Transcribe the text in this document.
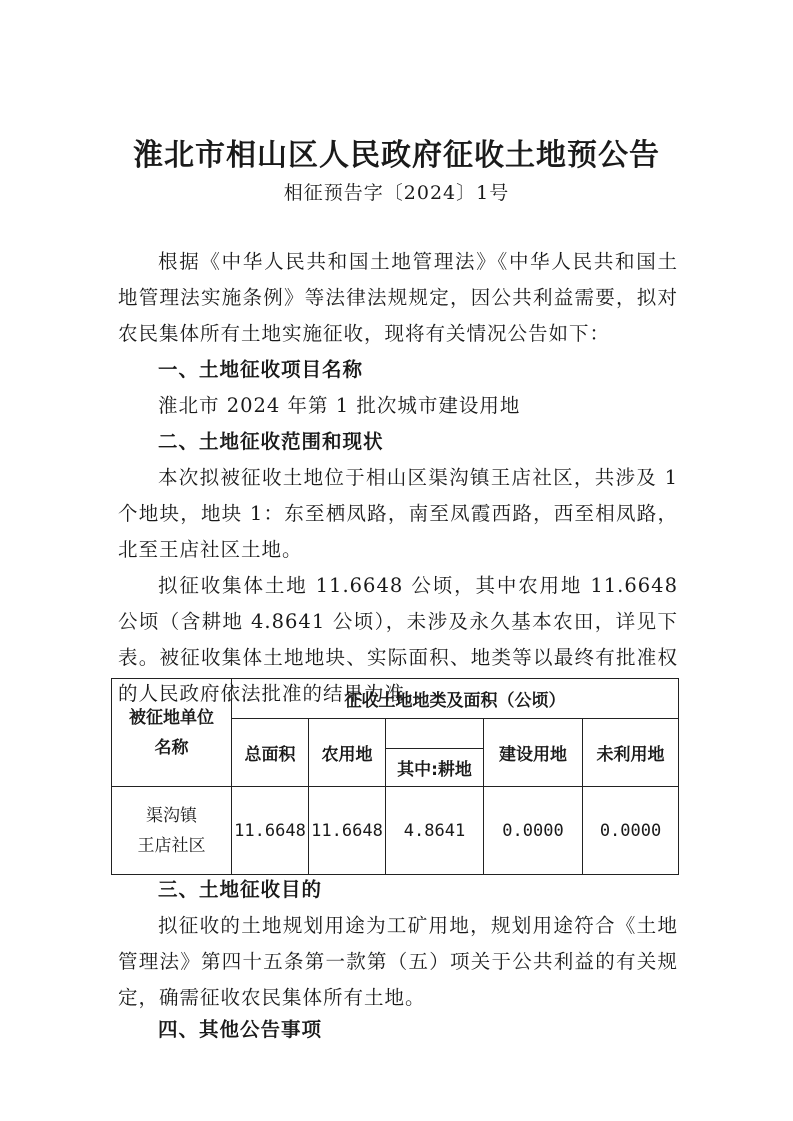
淮北市相山区人民政府征收土地预公告
相征预告字〔2024〕1号
根据《中华人民共和国土地管理法》《中华人民共和国土地管理法实施条例》等法律法规规定，因公共利益需要，拟对农民集体所有土地实施征收，现将有关情况公告如下：
一、土地征收项目名称
淮北市 2024 年第 1 批次城市建设用地
二、土地征收范围和现状
本次拟被征收土地位于相山区渠沟镇王店社区，共涉及 1 个地块，地块 1：东至栖凤路，南至凤霞西路，西至相凤路，北至王店社区土地。
拟征收集体土地 11.6648 公顷，其中农用地 11.6648 公顷（含耕地 4.8641 公顷），未涉及永久基本农田，详见下表。被征收集体土地地块、实际面积、地类等以最终有批准权的人民政府依法批准的结果为准。
被征地单位
名称	征收土地地类及面积（公顷）				
	总面积	农用地		建设用地	未利用地
			其中:耕地		

渠沟镇
王店社区	11.6648	11.6648	4.8641	0.0000	0.0000
三、土地征收目的
拟征收的土地规划用途为工矿用地，规划用途符合《土地管理法》第四十五条第一款第（五）项关于公共利益的有关规定，确需征收农民集体所有土地。
四、其他公告事项
